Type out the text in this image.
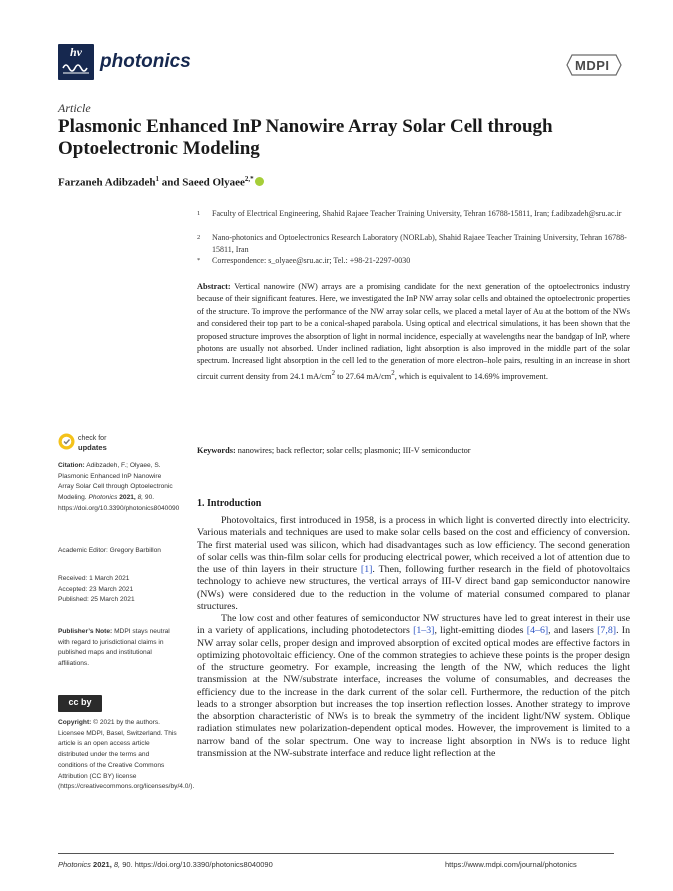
hv photonics	MDPI
Article
Plasmonic Enhanced InP Nanowire Array Solar Cell through Optoelectronic Modeling
Farzaneh Adibzadeh$^1$ and Saeed Olyaee$^{2,*}$
1 Faculty of Electrical Engineering, Shahid Rajaee Teacher Training University, Tehran 16788-15811, Iran; f.adibzadeh@sru.ac.ir
2 Nano-photonics and Optoelectronics Research Laboratory (NORLab), Shahid Rajaee Teacher Training University, Tehran 16788-15811, Iran
* Correspondence: s_olyaee@sru.ac.ir; Tel.: +98-21-2297-0030
Abstract: Vertical nanowire (NW) arrays are a promising candidate for the next generation of the optoelectronics industry because of their significant features. Here, we investigated the InP NW array solar cells and obtained the optoelectronic properties of the structure. To improve the performance of the NW array solar cells, we placed a metal layer of Au at the bottom of the NWs and considered their top part to be a conical-shaped parabola. Using optical and electrical simulations, it has been shown that the proposed structure improves the absorption of light in normal incidence, especially at wavelengths near the bandgap of InP, where photons are usually not absorbed. Under inclined radiation, light absorption is also improved in the middle part of the solar spectrum. Increased light absorption in the cell led to the generation of more electron–hole pairs, resulting in an increase in short circuit current density from 24.1 $mA/cm^2$ to 27.64 $mA/cm^2$, which is equivalent to 14.69% improvement.
Keywords: nanowires; back reflector; solar cells; plasmonic; III-V semiconductor
1. Introduction

Photovoltaics, first introduced in 1958, is a process in which light is converted directly into electricity. Various materials and techniques are used to make solar cells based on the cost and efficiency of conversion. The first material used was silicon, which had disadvantages such as low efficiency. The second generation of solar cells was thin-film solar cells for producing electrical power, which received a lot of attention due to the use of thin layers in their structure [1]. Then, following further research in the field of photovoltaics technology to achieve new structures, the vertical arrays of III-V direct band gap semiconductor nanowire (NWs) were considered due to the reduction in the volume of material consumed compared to planar structures.

The low cost and other features of semiconductor NW structures have led to great interest in their use in a variety of applications, including photodetectors [1–3], light-emitting diodes [4–6], and lasers [7,8]. In NW array solar cells, proper design and improved absorption of excited optical modes are effective factors in optimizing photovoltaic efficiency. One of the common strategies to achieve these points is the proper design of the structure geometry. For example, increasing the length of the NW, which reduces the light transmission at the NW/substrate interface, increases the volume of consumables, and decreases the efficiency due to the increase in the dark current of the solar cell. Furthermore, the reduction of the pitch leads to a stronger absorption but increases the top insertion reflection losses. Another strategy to improve the absorption characteristic of NWs is to break the symmetry of the incident light/NW system. Oblique radiation stimulates new polarization-dependent optical modes. However, the improvement is limited to a narrow band of the solar spectrum. One way to increase light absorption in NWs is to reduce light transmission at the NW-substrate interface and reduce light reflection at the

check for
updates
Citation: Adibzadeh, F.; Olyaee, S. Plasmonic Enhanced InP Nanowire Array Solar Cell through Optoelectronic Modeling. Photonics 2021, 8, 90. https://doi.org/10.3390/photonics8040090
Academic Editor: Gregory Barbillon
Received: 1 March 2021
Accepted: 23 March 2021
Published: 25 March 2021
Publisher’s Note: MDPI stays neutral with regard to jurisdictional claims in published maps and institutional affiliations.
cc by
Copyright: © 2021 by the authors. Licensee MDPI, Basel, Switzerland. This article is an open access article distributed under the terms and conditions of the Creative Commons Attribution (CC BY) license (https://creativecommons.org/licenses/by/4.0/).
Photonics 2021, 8, 90. https://doi.org/10.3390/photonics8040090	https://www.mdpi.com/journal/photonics
